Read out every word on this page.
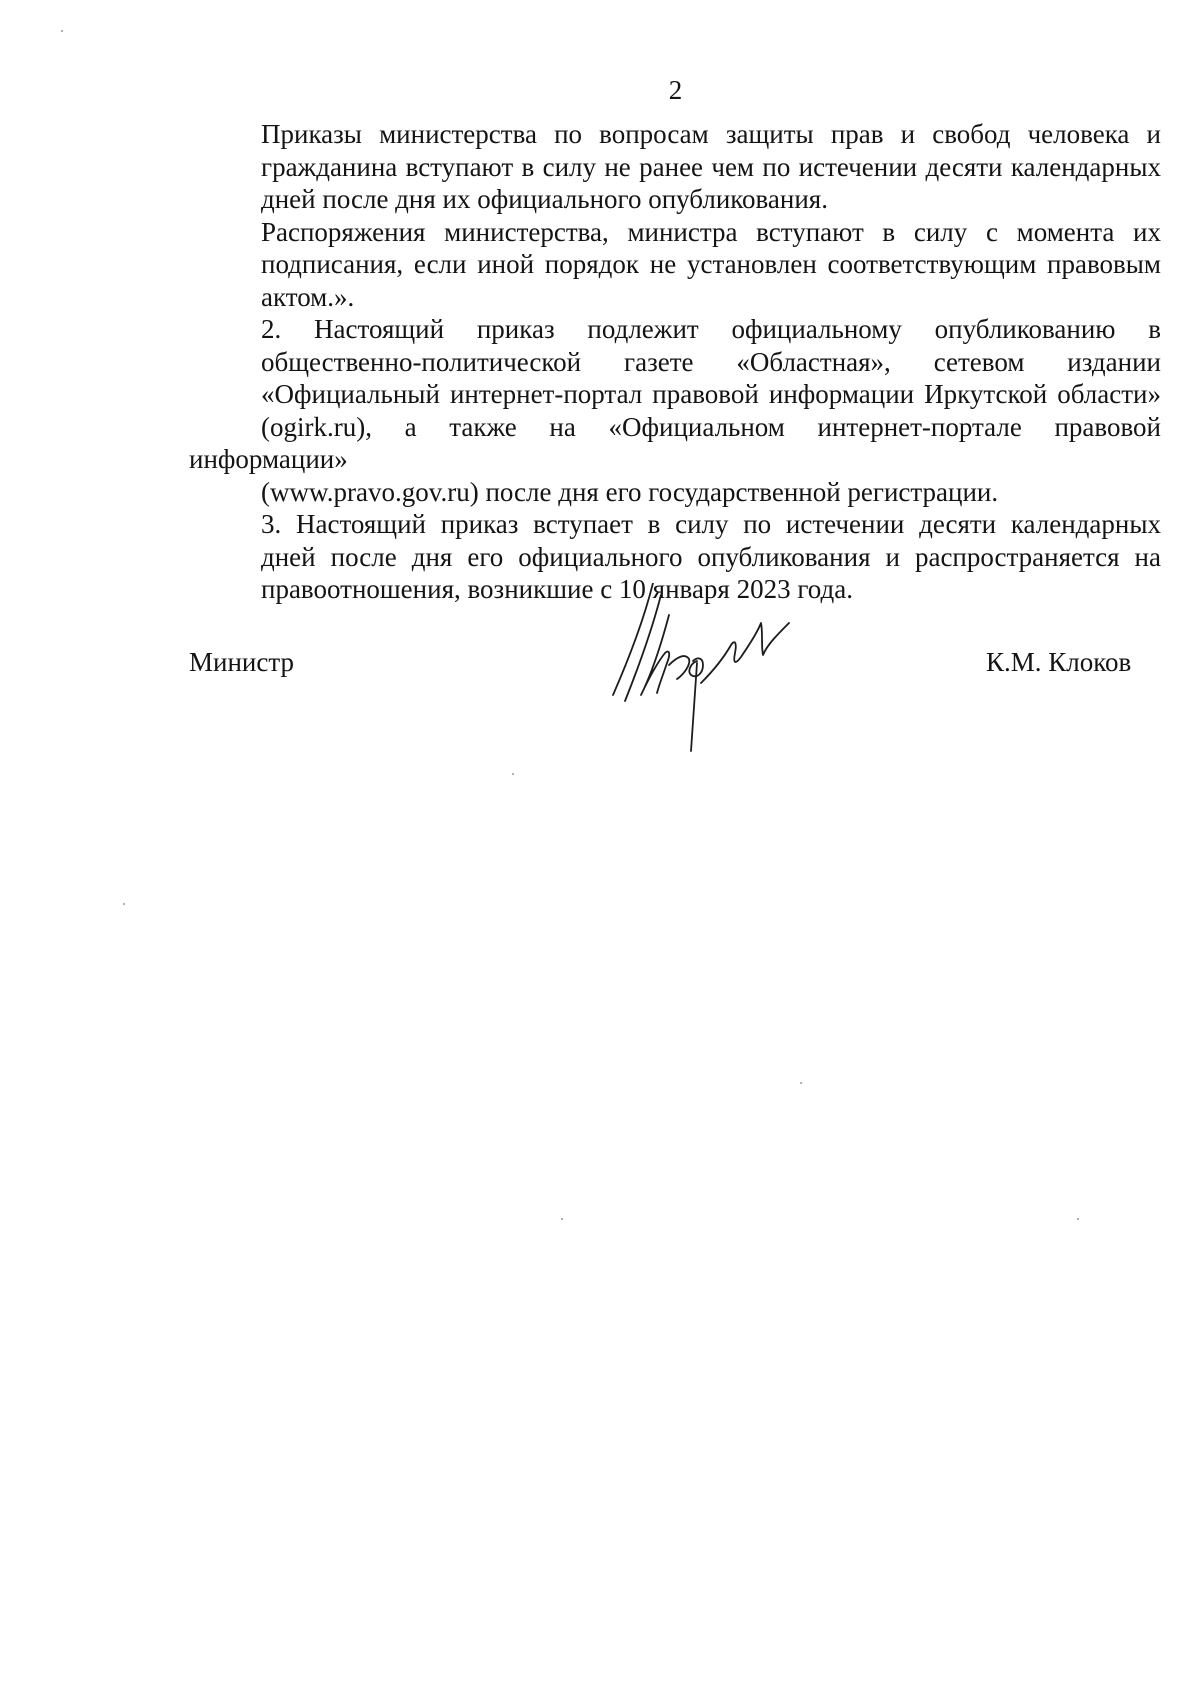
2

Приказы министерства по вопросам защиты прав и свобод человека и
гражданина вступают в силу не ранее чем по истечении десяти календарных
дней после дня их официального опубликования.

Распоряжения министерства, министра вступают в силу с момента их
подписания, если иной порядок не установлен соответствующим правовым
актом.».

2. Настоящий приказ подлежит официальному опубликованию в
общественно-политической газете «Областная», сетевом издании
«Официальный интернет-портал правовой информации Иркутской области»
(ogirk.ru), а также на «Официальном интернет-портале правовой информации»
(www.pravo.gov.ru) после дня его государственной регистрации.

3. Настоящий приказ вступает в силу по истечении десяти календарных
дней после дня его официального опубликования и распространяется на
правоотношения, возникшие с 10 января 2023 года.

Министр	К.М. Клоков
